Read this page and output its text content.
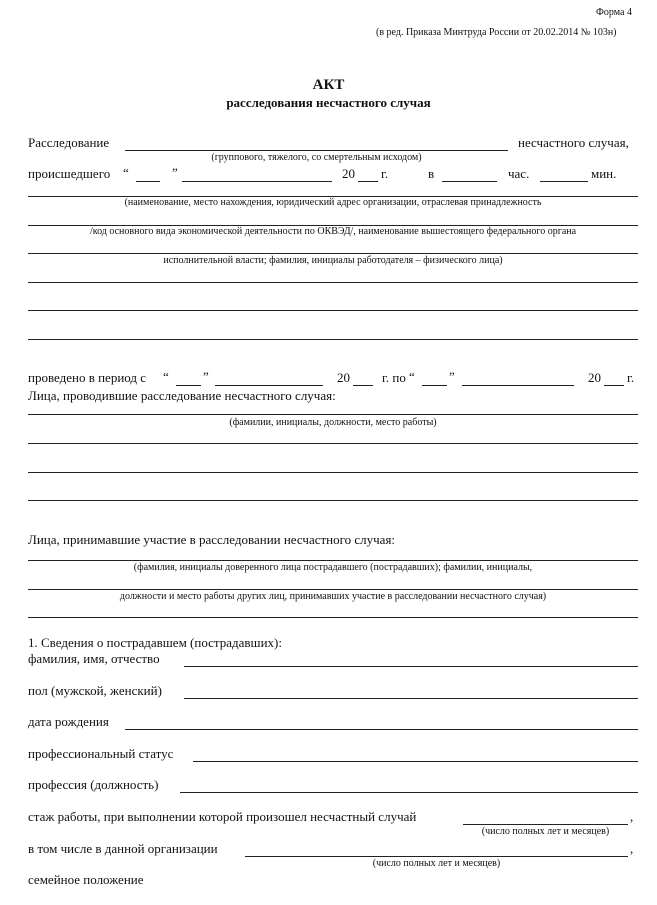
Форма 4
(в ред. Приказа Минтруда России от 20.02.2014 № 103н)
АКТ
расследования несчастного случая
Расследование	несчастного случая,
(группового, тяжелого, со смертельным исходом)
происшедшего “	”	20 г.	в	час.	мин.
(наименование, место нахождения, юридический адрес организации, отраслевая принадлежность
/код основного вида экономической деятельности по ОКВЭД/, наименование вышестоящего федерального органа
исполнительной власти; фамилия, инициалы работодателя – физического лица)
проведено в период с “	”	20 г. по “	”	20 г.
Лица, проводившие расследование несчастного случая:
(фамилии, инициалы, должности, место работы)
Лица, принимавшие участие в расследовании несчастного случая:
(фамилия, инициалы доверенного лица пострадавшего (пострадавших); фамилии, инициалы,
должности и место работы других лиц, принимавших участие в расследовании несчастного случая)
1. Сведения о пострадавшем (пострадавших):
фамилия, имя, отчество
пол (мужской, женский)
дата рождения
профессиональный статус
профессия (должность)
стаж работы, при выполнении которой произошел несчастный случай	,
(число полных лет и месяцев)
в том числе в данной организации	,
(число полных лет и месяцев)
семейное положение
